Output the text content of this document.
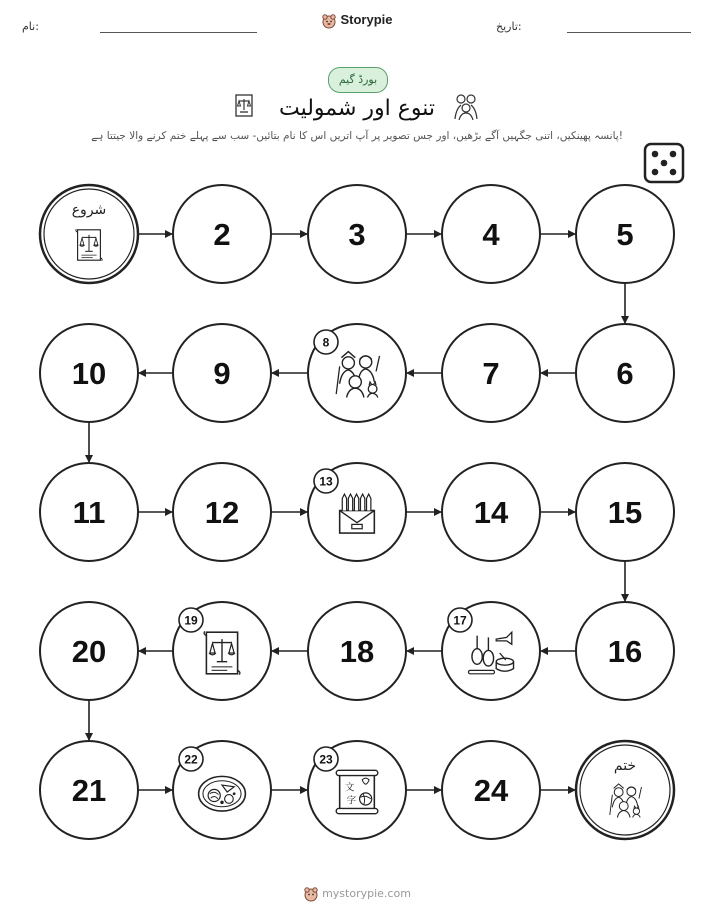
نام:	Storypie	تاریخ:
بورڈ گیم
تنوع اور شمولیت
پانسہ پھینکیں، اتنی جگہیں آگے بڑھیں، اور جس تصویر پر آپ اتریں اس کا نام بتائیں- سب سے پہلے ختم کرنے والا جیتتا ہے!
شروع
2	3	4	5
6
7
8
9
10
11	12
13
14	15
16
17
18
19
20
21
22	23
24
ختم
mystorypie.com
